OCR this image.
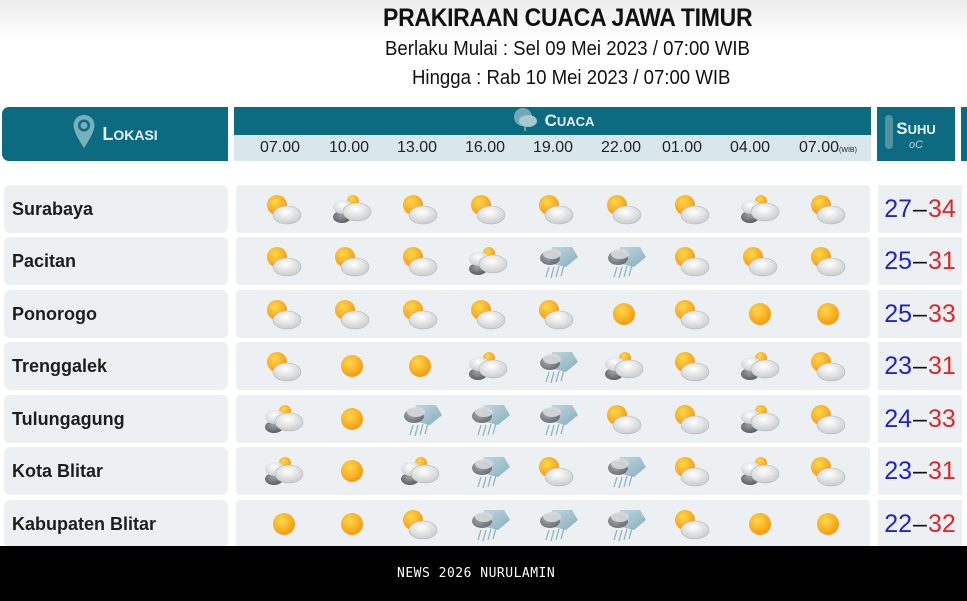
PRAKIRAAN CUACA JAWA TIMUR
Berlaku Mulai : Sel 09 Mei 2023 / 07:00 WIB
Hingga : Rab 10 Mei 2023 / 07:00 WIB
LOKASI
CUACA
07.00 10.00 13.00 16.00 19.00 22.00 01.00 04.00 07.00(WIB)
SUHU
oC
Surabaya	27 – 34
Pacitan	25 – 31
Ponorogo	25 – 33
Trenggalek	23 – 31
Tulungagung	24 – 33
Kota Blitar	23 – 31
Kabupaten Blitar	22 – 32
NEWS 2026 NURULAMIN
